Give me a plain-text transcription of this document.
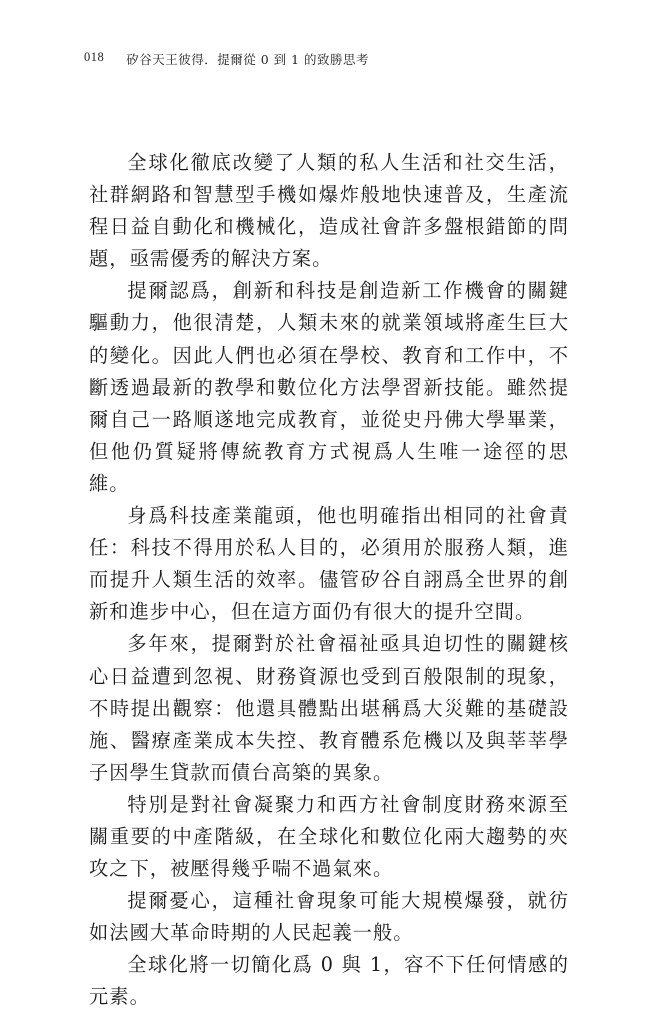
018 矽谷天王彼得．提爾從 0 到 1 的致勝思考

全球化徹底改變了人類的私人生活和社交生活，社群網路和智慧型手機如爆炸般地快速普及，生產流程日益自動化和機械化，造成社會許多盤根錯節的問題，亟需優秀的解決方案。

提爾認爲，創新和科技是創造新工作機會的關鍵驅動力，他很清楚，人類未來的就業領域將產生巨大的變化。因此人們也必須在學校、教育和工作中，不斷透過最新的教學和數位化方法學習新技能。雖然提爾自己一路順遂地完成教育，並從史丹佛大學畢業，但他仍質疑將傳統教育方式視爲人生唯一途徑的思維。

身爲科技產業龍頭，他也明確指出相同的社會責任：科技不得用於私人目的，必須用於服務人類，進而提升人類生活的效率。儘管矽谷自詡爲全世界的創新和進步中心，但在這方面仍有很大的提升空間。

多年來，提爾對於社會福祉亟具迫切性的關鍵核心日益遭到忽視、財務資源也受到百般限制的現象，不時提出觀察：他還具體點出堪稱爲大災難的基礎設施、醫療產業成本失控、教育體系危機以及與莘莘學子因學生貸款而債台高築的異象。

特別是對社會凝聚力和西方社會制度財務來源至關重要的中產階級，在全球化和數位化兩大趨勢的夾攻之下，被壓得幾乎喘不過氣來。

提爾憂心，這種社會現象可能大規模爆發，就彷如法國大革命時期的人民起義一般。

全球化將一切簡化爲 0 與 1，容不下任何情感的元素。
